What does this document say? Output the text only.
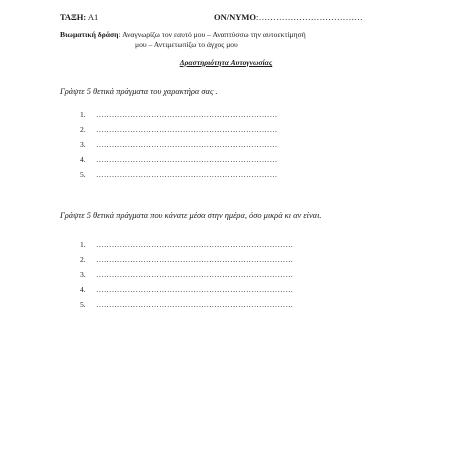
ΤΑΞΗ: Α1	ΟΝ/ΝΥΜΟ:………………………………
Βιωματική δράση: Αναγνωρίζω τον εαυτό μου – Αναπτύσσω την αυτοεκτίμησή
μου – Αντιμετωπίζω το άγχος μου
Δραστηριότητα Αυτογνωσίας
Γράψτε 5 θετικά πράγματα του χαρακτήρα σας .
1. ……………………………………………………………
2. ……………………………………………………………
3. ……………………………………………………………
4. ……………………………………………………………
5. ……………………………………………………………
Γράψτε 5 θετικά πράγματα που κάνατε μέσα στην ημέρα, όσο μικρά κι αν είναι.
1. …………………………………………………………………
2. …………………………………………………………………
3. …………………………………………………………………
4. …………………………………………………………………
5. …………………………………………………………………
